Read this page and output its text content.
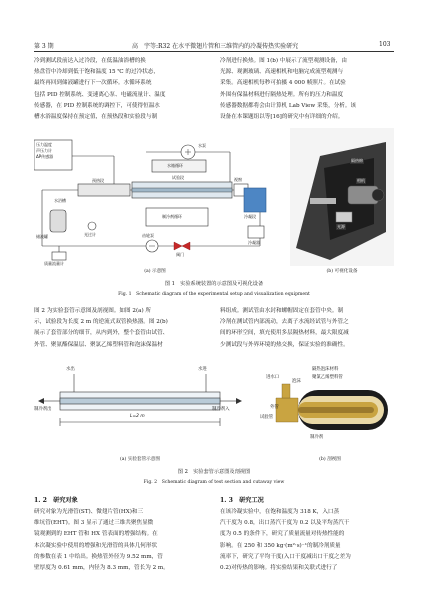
第 3 期	高　宇等:R32 在水平微翅片管和三维管内的冷凝传热实验研究	103
冷到测试段前达入过冷段，在低温油浴槽的换
热盘管中冷却到低于饱和温度 15 ℃ 的过冷状态，
最终再回到储液罐进行下一次循环。水循环系统
包括 PID 控制系统、变速离心泵、电磁流量计、温度
传感器，在 PID 控制系统的调控下，可使得恒温水
槽水浴温度保持在预定值，在预热段和实验段与制
冷剂进行换热。图 1(b) 中展示了流型观测设备，由
光源、观测玻璃、高速相机和电脑完成流型观测与
采集。高速相机每秒可拍摄 4 000 帧照片。在试验
外围有保温材料进行隔热处理。所有的压力和温度
传感器数据都将会由计算机 Lab View 采集，分析。该
设备在本课题组以等[16]的研究中有详细的介绍。
压力温度
声压力计
ΔP传感器
水泵
水箱循环
预热段
试验段	视窗
冷凝段
水浴槽
制冷剂循环
冷凝器
光过计
储液罐	齿轮泵
质量流量计
阀门
(a) 示意图
隔热棉
相机
光源
(b) 可视化设备
图 1　实验系统装置的示意图及可视化设备
Fig. 1　Schematic diagram of the experimental setup and visualization equipment
图 2 为实验套管示意图及剖视图。如图 2(a) 所
示，试验段为长度 2 m 的逆流式双管换热器。图 2(b)
展示了套管部分的细节，从内到外，整个套管由试管、
外管、聚氨酯保温层、聚氯乙烯塑料管和泡沫保温材
料组成。测试管由水封和螺帽固定在套管中央。制
冷剂在测试管内部流动，去离子水流经试管与外管之
间的环形空间，填充使用多层隔热材料，最大限度减
少测试段与外界环境的热交换，保证实验的准确性。
水出	水进
制冷剂出	制冷剂入
L=2 m
(a) 实验套管示意图
进水口
隔热泡沫材料
聚氯乙烯塑料管
泡沫
外管
试验管
制冷剂
(b) 剖视图
图 2　实验套管示意图及剖视图
Fig. 2　Schematic diagram of test section and cutaway view
1. 2　研究对象
研究对象为光滑管(ST)、微翅片管(HX)和三
维坑管(EHT)。图 3 显示了通过三维共聚焦显微
镜观测到的 EHT 管和 HX 管表面的增强结构。在
本次凝实验中使用的增强和光滑管的具体几何形状
的参数在表 1 中给出。换热管外径为 9.52 mm，管
壁厚度为 0.61 mm，内径为 8.3 mm，管长为 2 m。
1. 3　研究工况
在该冷凝实验中，在饱和温度为 318 K，入口蒸
汽干度为 0.8，出口蒸汽干度为 0.2 以及平均蒸汽干
度为 0.5 的条件下，研究了质量流量对传热性能的
影响。在 250 和 350 kg·(m²·s)⁻¹的制冷剂质量
流率下，研究了平均干度(入口干度减出口干度之差为
0.2)对传热的影响。将实验结果和关联式进行了
